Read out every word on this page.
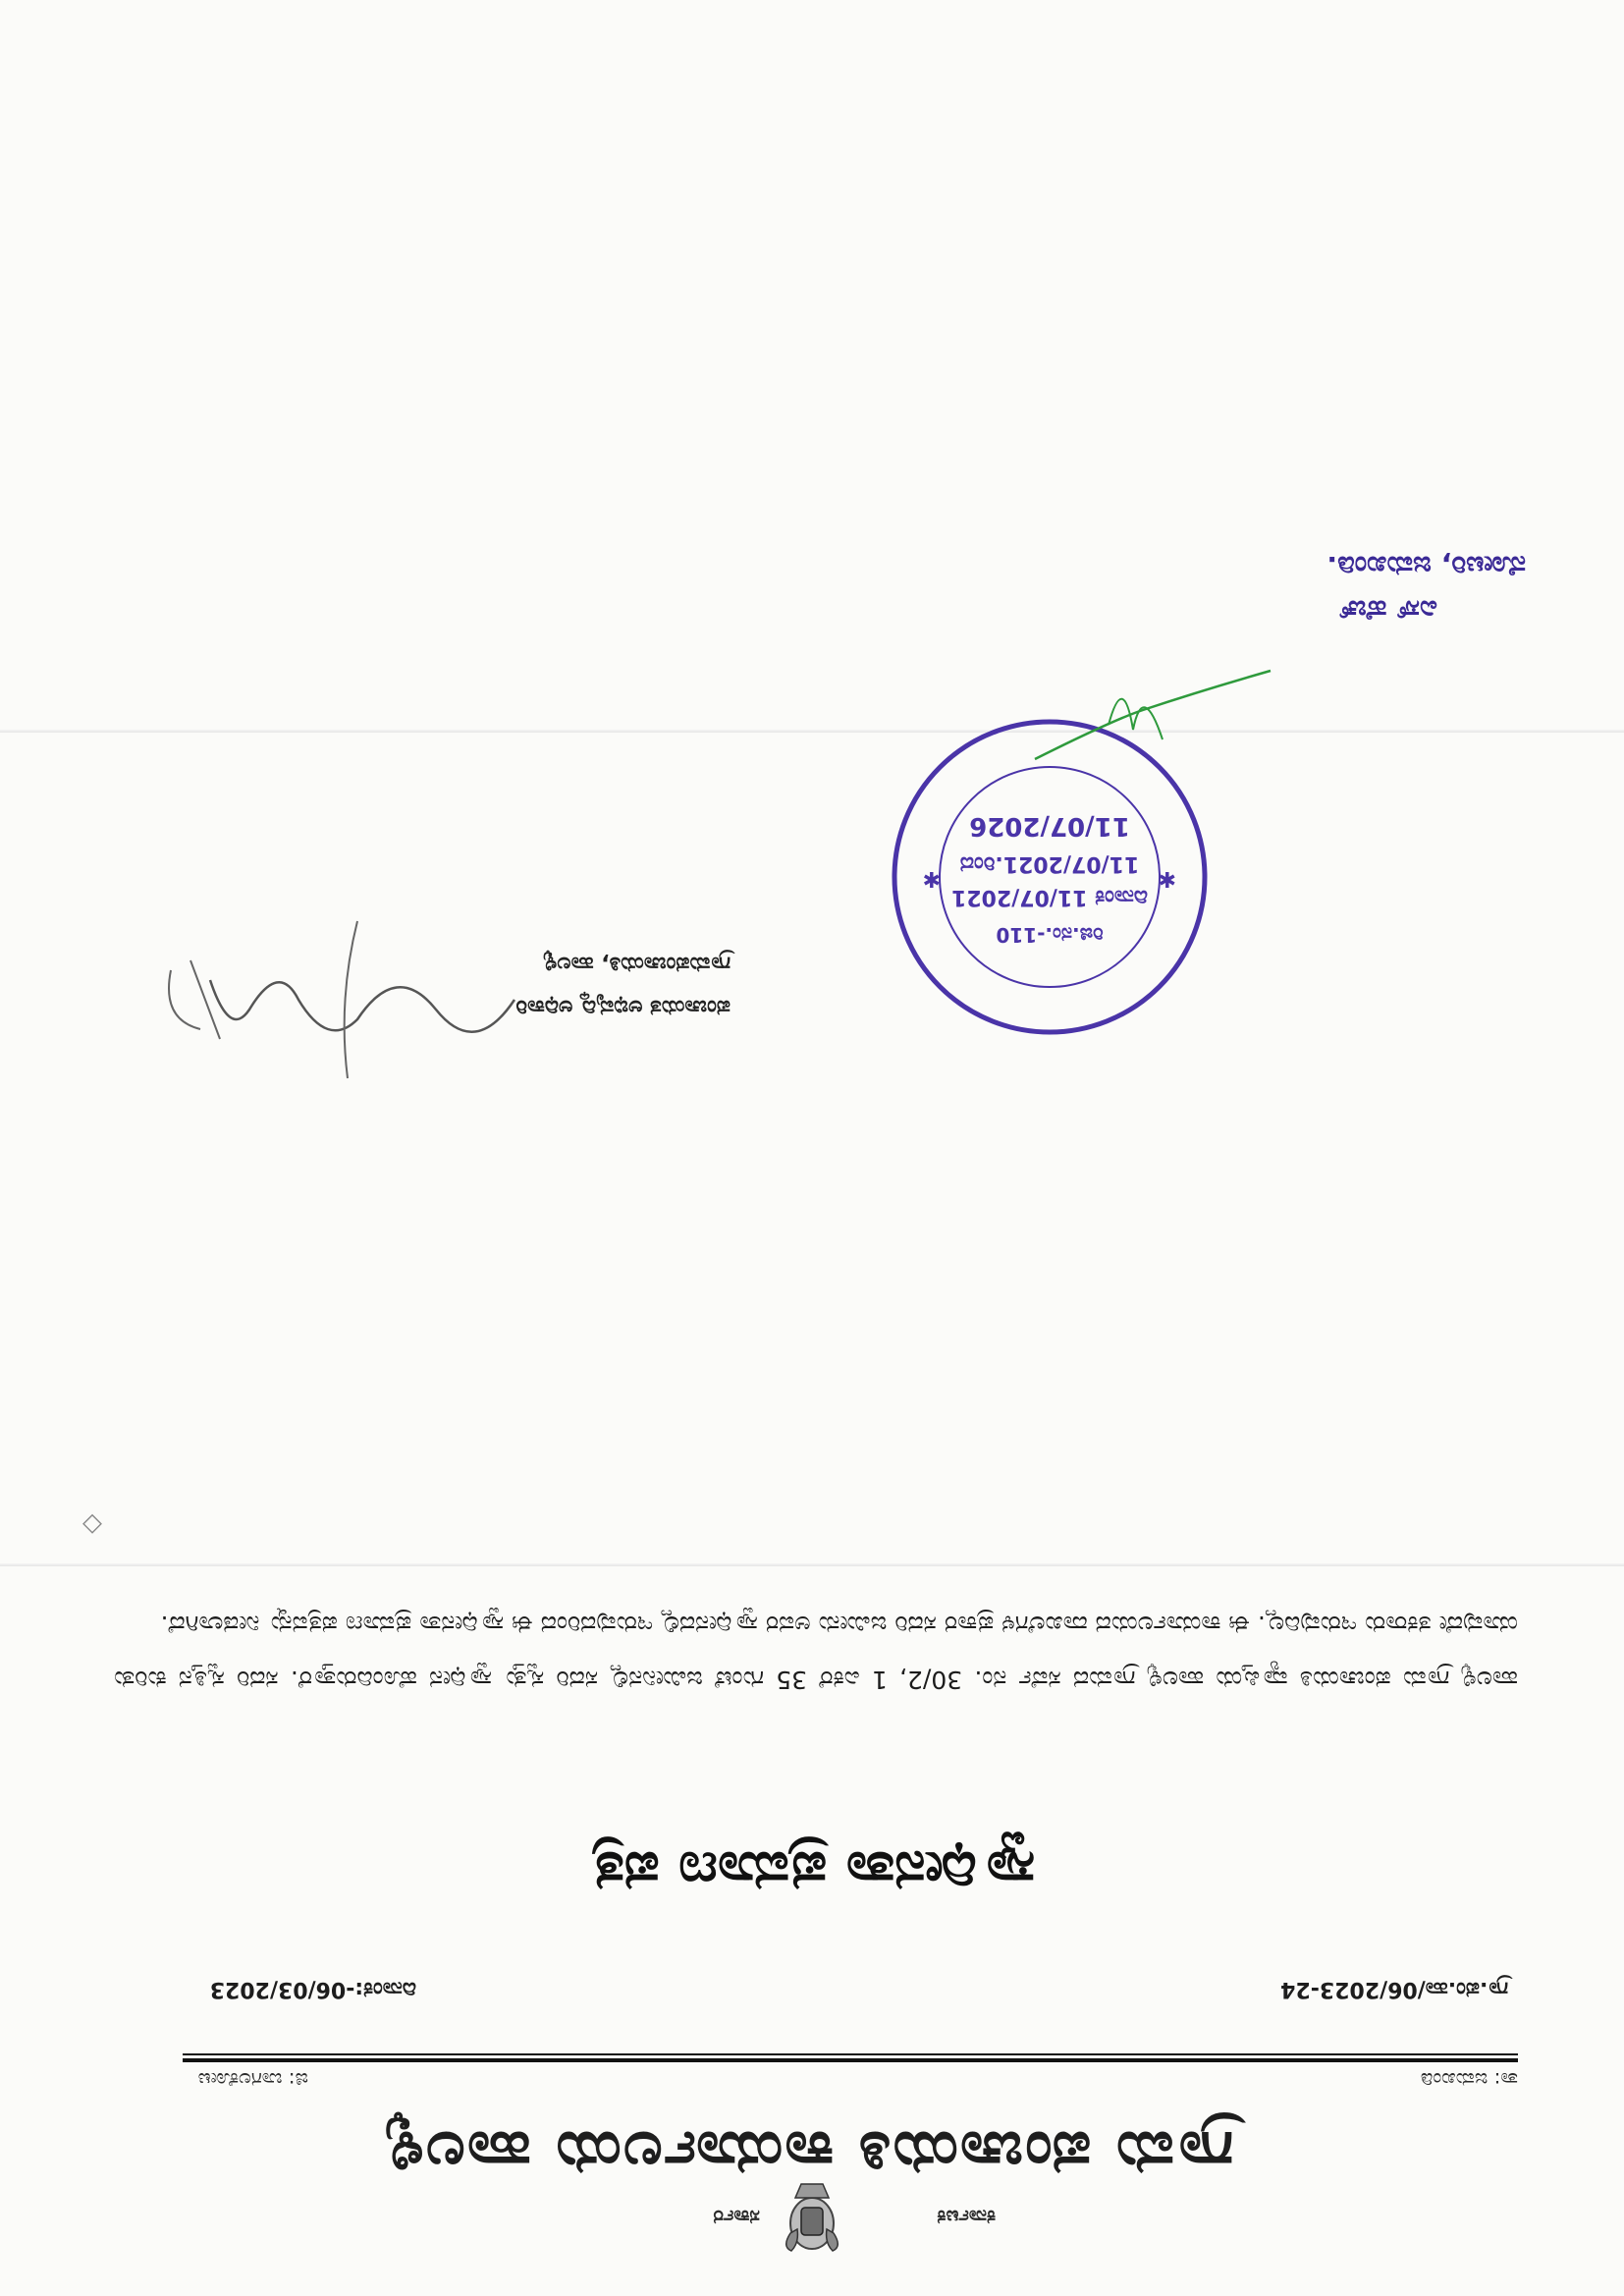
ಕರ್ನಾಟಕ
ಸರ್ಕಾರ
ಗ್ರಾಮ ಪಂಚಾಯತಿ ಕಾರ್ಯಾಲಯ ಹಾಲಳ್ಳಿ
ತಾ: ಜಮಖಂಡಿ
ಜಿ: ಬಾಗಲಕೋಟ
ಗ್ರಾ.ಪಂ.ಹಾ/06/2023-24
ದಿನಾಂಕ:-06/03/2023
ಸ್ವಾಧೀನತಾ ಪ್ರಮಾಣ ಪತ್ರ
ಹಾಲಳ್ಳಿ ಗ್ರಾಮ ಪಂಚಾಯತಿ ವ್ಯಾಪ್ತಿಯ ಹಾಲಳ್ಳಿ ಗ್ರಾಮದ ಸರ್ವೆ ನಂ. 30/2, 1 ಎಕರೆ 35 ಗುಂಟೆ ಜಮೀನಿನಲ್ಲಿ ಸದರಿ ಸ್ವತ್ತು ಸ್ವಾಧೀನ ಹೊಂದಿರುತ್ತಾರೆ. ಸದರಿ ಸ್ವತ್ತಿನ ಕುರಿತು ಯಾವುದೇ ತಕರಾರು ಇರುವುದಿಲ್ಲ. ಈ ಕಾರ್ಯಾಲಯದ ದಾಖಲೆಗಳ ಪ್ರಕಾರ ಸದರಿ ಜಮೀನು ಅವರ ಸ್ವಾಧೀನದಲ್ಲಿ ಇರುವುದರಿಂದ ಈ ಸ್ವಾಧೀನತಾ ಪ್ರಮಾಣ ಪತ್ರವನ್ನು ನೀಡಲಾಗಿದೆ.
◇
ಪಂಚಾಯತ ಅಭಿವೃದ್ಧಿ ಅಧಿಕಾರಿ
ಗ್ರಾಮಪಂಚಾಯತಿ, ಹಾಲಳ್ಳಿ
✱
✱
ರಿಜಿ.ನಂ.-110
ದಿನಾಂಕ 11/07/2021
11/07/2021.ರಿಂದ
11/07/2026
ಎಸ್ ಹೆಚ್
ನೋಟರಿ, ಜಮಖಂಡಿ.
